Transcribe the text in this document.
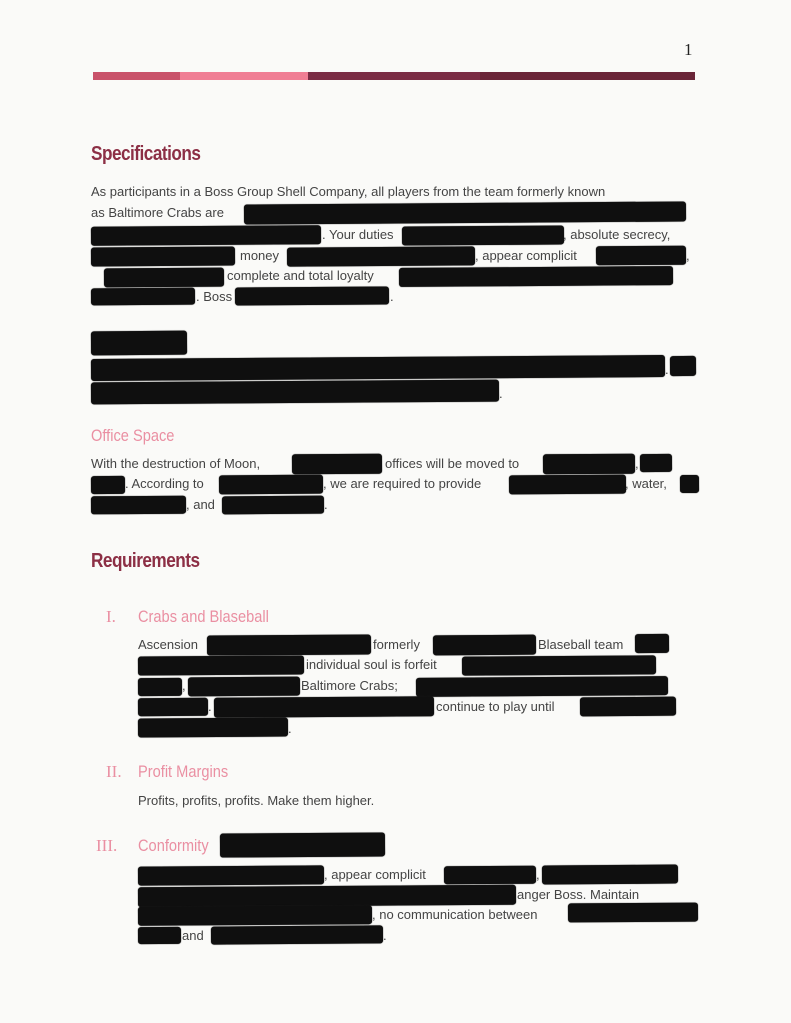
1
Specifications
As participants in a Boss Group Shell Company, all players from the team formerly known
as Baltimore Crabs are
. Your duties	, absolute secrecy,
money	, appear complicit	,
complete and total loyalty
. Boss	.
.
.
Office Space
With the destruction of Moon,	offices will be moved to	,
. According to	, we are required to provide	, water,
, and	.
Requirements
I. Crabs and Blaseball
Ascension	formerly	Blaseball team
individual soul is forfeit
,	Baltimore Crabs;
.	continue to play until
.
II. Profit Margins
Profits, profits, profits. Make them higher.
III. Conformity
, appear complicit	,
anger Boss. Maintain
, no communication between
and	.
